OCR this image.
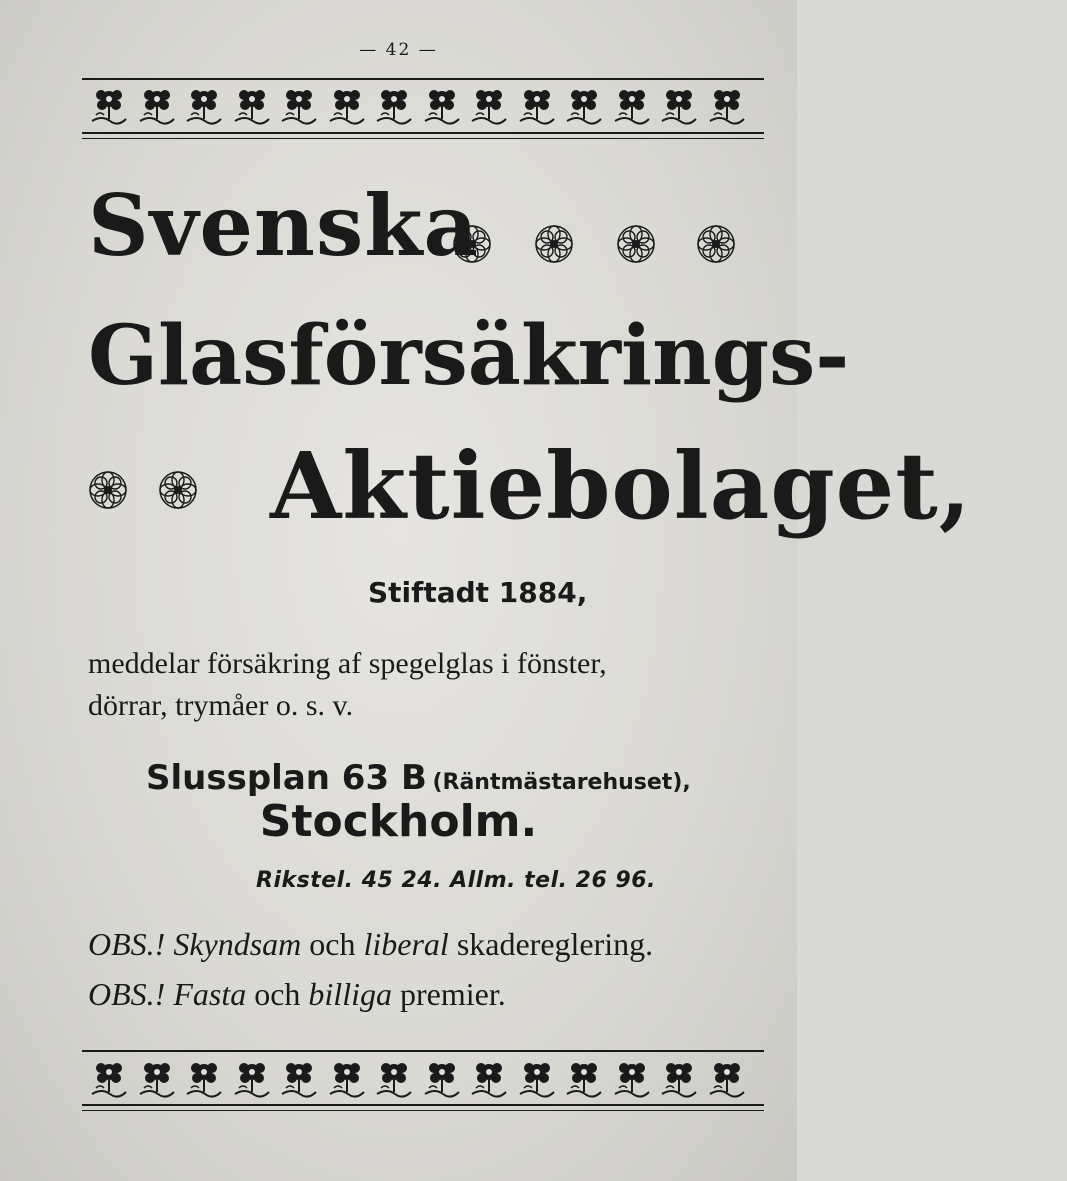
— 42 —
Svenska
Glasförsäkrings-
Aktiebolaget,
Stiftadt 1884,
meddelar försäkring af spegelglas i fönster,
dörrar, trymåer o. s. v.
Slussplan 63 B (Räntmästarehuset),
Stockholm.
Rikstel. 45 24. Allm. tel. 26 96.
OBS.! Skyndsam och liberal skadereglering.
OBS.! Fasta och billiga premier.
